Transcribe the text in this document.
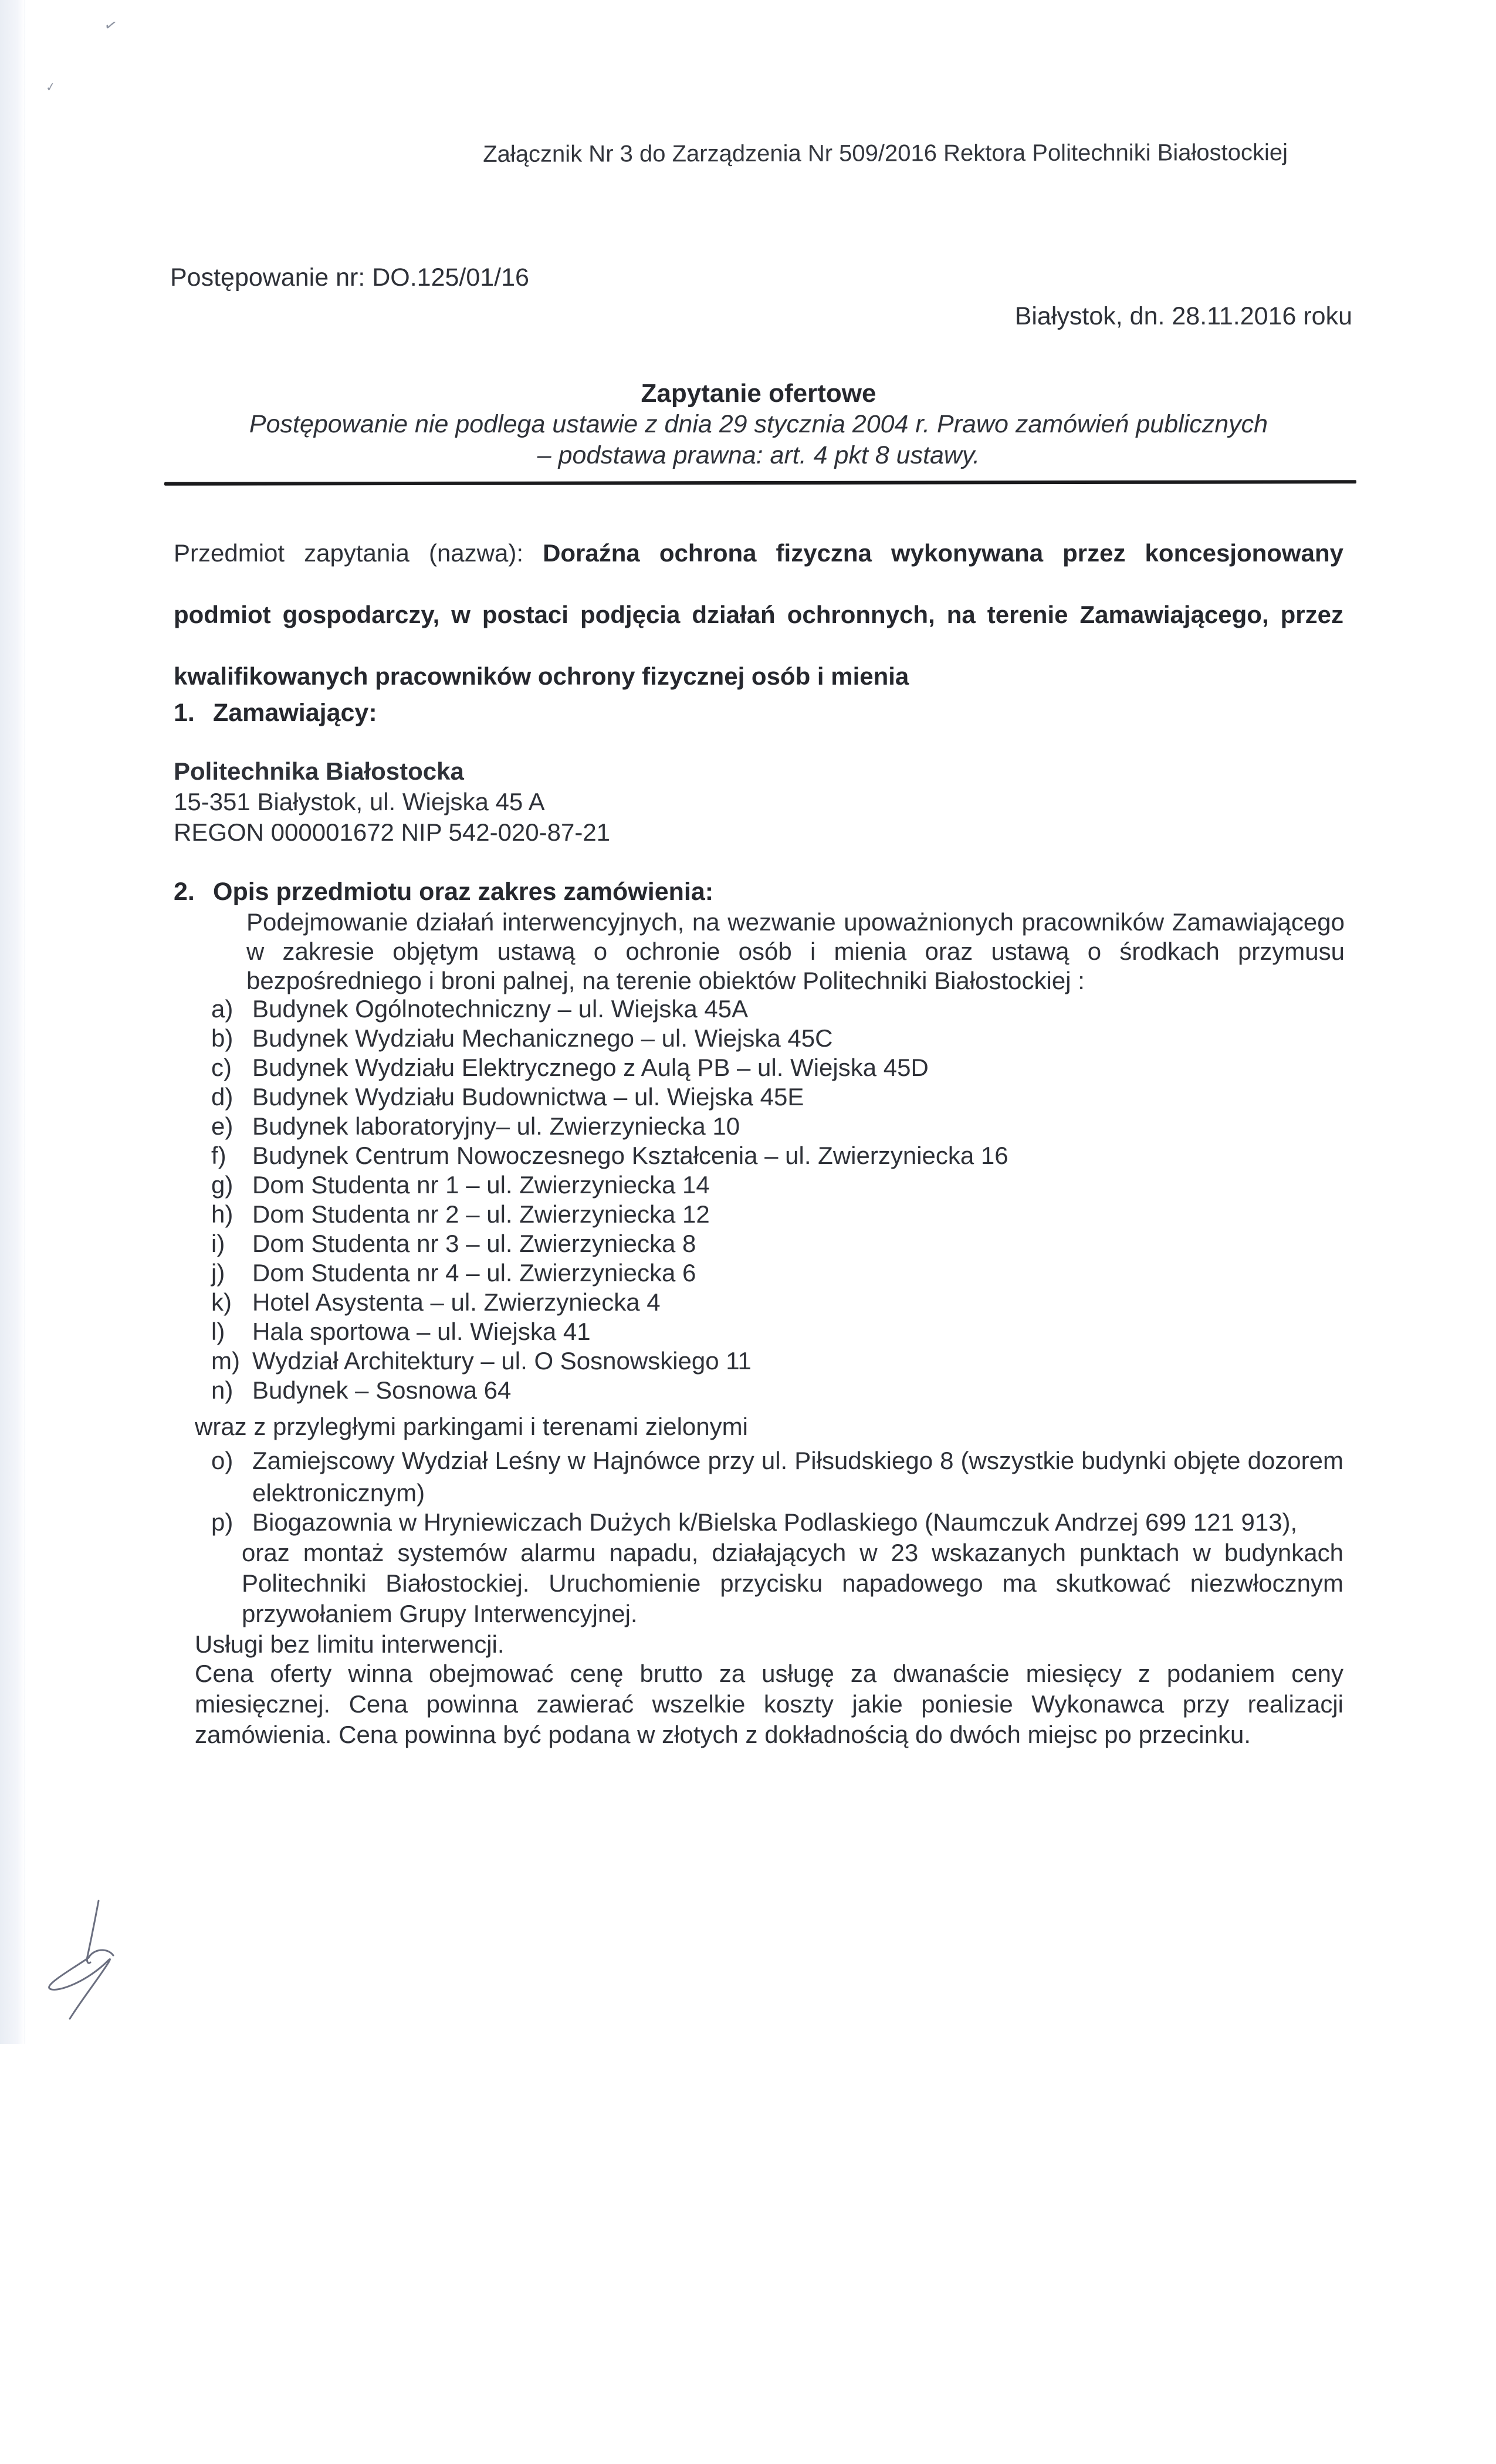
✓
✓
Załącznik Nr 3 do Zarządzenia Nr 509/2016 Rektora Politechniki Białostockiej
Postępowanie nr: DO.125/01/16
Białystok, dn. 28.11.2016 roku
Zapytanie ofertowe
Postępowanie nie podlega ustawie z dnia 29 stycznia 2004 r. Prawo zamówień publicznych
– podstawa prawna: art. 4 pkt 8 ustawy.
Przedmiot zapytania (nazwa): Doraźna ochrona fizyczna wykonywana przez koncesjonowany podmiot gospodarczy, w postaci podjęcia działań ochronnych, na terenie Zamawiającego, przez kwalifikowanych pracowników ochrony fizycznej osób i mienia
1. Zamawiający:
Politechnika Białostocka
15-351 Białystok, ul. Wiejska 45 A
REGON 000001672 NIP 542-020-87-21
2. Opis przedmiotu oraz zakres zamówienia:
Podejmowanie działań interwencyjnych, na wezwanie upoważnionych pracowników Zamawiającego w zakresie objętym ustawą o ochronie osób i mienia oraz ustawą o środkach przymusu bezpośredniego i broni palnej, na terenie obiektów Politechniki Białostockiej :
a) Budynek Ogólnotechniczny – ul. Wiejska 45A
b) Budynek Wydziału Mechanicznego – ul. Wiejska 45C
c) Budynek Wydziału Elektrycznego z Aulą PB – ul. Wiejska 45D
d) Budynek Wydziału Budownictwa – ul. Wiejska 45E
e) Budynek laboratoryjny– ul. Zwierzyniecka 10
f)	Budynek Centrum Nowoczesnego Kształcenia – ul. Zwierzyniecka 16
g) Dom Studenta nr 1 – ul. Zwierzyniecka 14
h) Dom Studenta nr 2 – ul. Zwierzyniecka 12
i)	Dom Studenta nr 3 – ul. Zwierzyniecka 8
j)	Dom Studenta nr 4 – ul. Zwierzyniecka 6
k) Hotel Asystenta – ul. Zwierzyniecka 4
l)	Hala sportowa – ul. Wiejska 41
m) Wydział Architektury – ul. O Sosnowskiego 11
n) Budynek – Sosnowa 64
wraz z przyległymi parkingami i terenami zielonymi
o) Zamiejscowy Wydział Leśny w Hajnówce przy ul. Piłsudskiego 8 (wszystkie budynki objęte dozorem elektronicznym)
p) Biogazownia w Hryniewiczach Dużych k/Bielska Podlaskiego (Naumczuk Andrzej 699 121 913),
oraz montaż systemów alarmu napadu, działających w 23 wskazanych punktach w budynkach Politechniki Białostockiej. Uruchomienie przycisku napadowego ma skutkować niezwłocznym przywołaniem Grupy Interwencyjnej.
Usługi bez limitu interwencji.
Cena oferty winna obejmować cenę brutto za usługę za dwanaście miesięcy z podaniem ceny miesięcznej. Cena powinna zawierać wszelkie koszty jakie poniesie Wykonawca przy realizacji zamówienia. Cena powinna być podana w złotych z dokładnością do dwóch miejsc po przecinku.
